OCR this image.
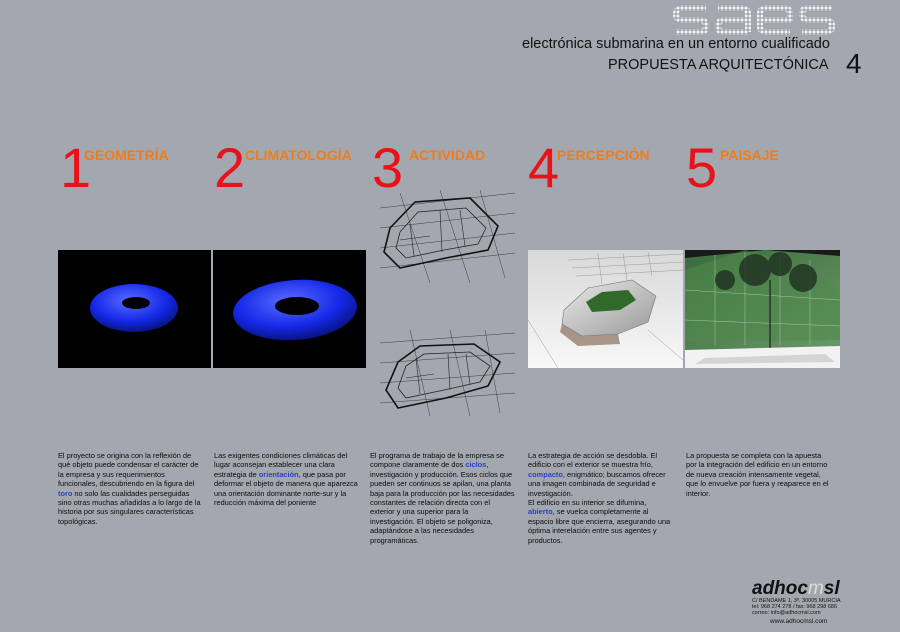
electrónica submarina en un entorno cualificado
PROPUESTA ARQUITECTÓNICA 4
1
GEOMETRÍA
El proyecto se origina con la reflexión de qué objeto puede condensar el carácter de la empresa y sus requerimientos funcionales, descubriendo en la figura del toro no solo las cualidades perseguidas sino otras muchas añadidas a lo largo de la historia por sus singulares características topológicas.
2 CLIMATOLOGÍA
Las exigentes condiciones climáticas del lugar aconsejan establecer una clara estrategia de orientación, que pasa por deformar el objeto de manera que aparezca una orientación dominante norte-sur y la reducción máxima del poniente
3 ACTIVIDAD
El programa de trabajo de la empresa se compone claramente de dos ciclos, investigación y producción. Esos ciclos que pueden ser continuos se apilan, una planta baja para la producción por las necesidades constantes de relación directa con el exterior y una superior para la investigación. El objeto se poligoniza, adaptándose a las necesidades programáticas.
4
PERCEPCIÓN
La estrategia de acción se desdobla. El edificio con el exterior se muestra frío, compacto, enigmático; buscamos ofrecer una imagen combinada de seguridad e investigación.
El edificio en su interior se difumina, abierto, se vuelca completamente al espacio libre que encierra, asegurando una óptima interelación entre sus agentes y productos.
5 PAISAJE
La propuesta se completa con la apuesta por la integración del edificio en un entorno de nueva creación intensamente vegetal, que lo envuelve por fuera y reaparece en el interior.
adhocmsl
C/ BENDAME 1, 3º. 30005 MURCIA
tel: 968 274 278 / fax: 968 298 686
correo: info@adhocmsl.com
www.adhocmsl.com
